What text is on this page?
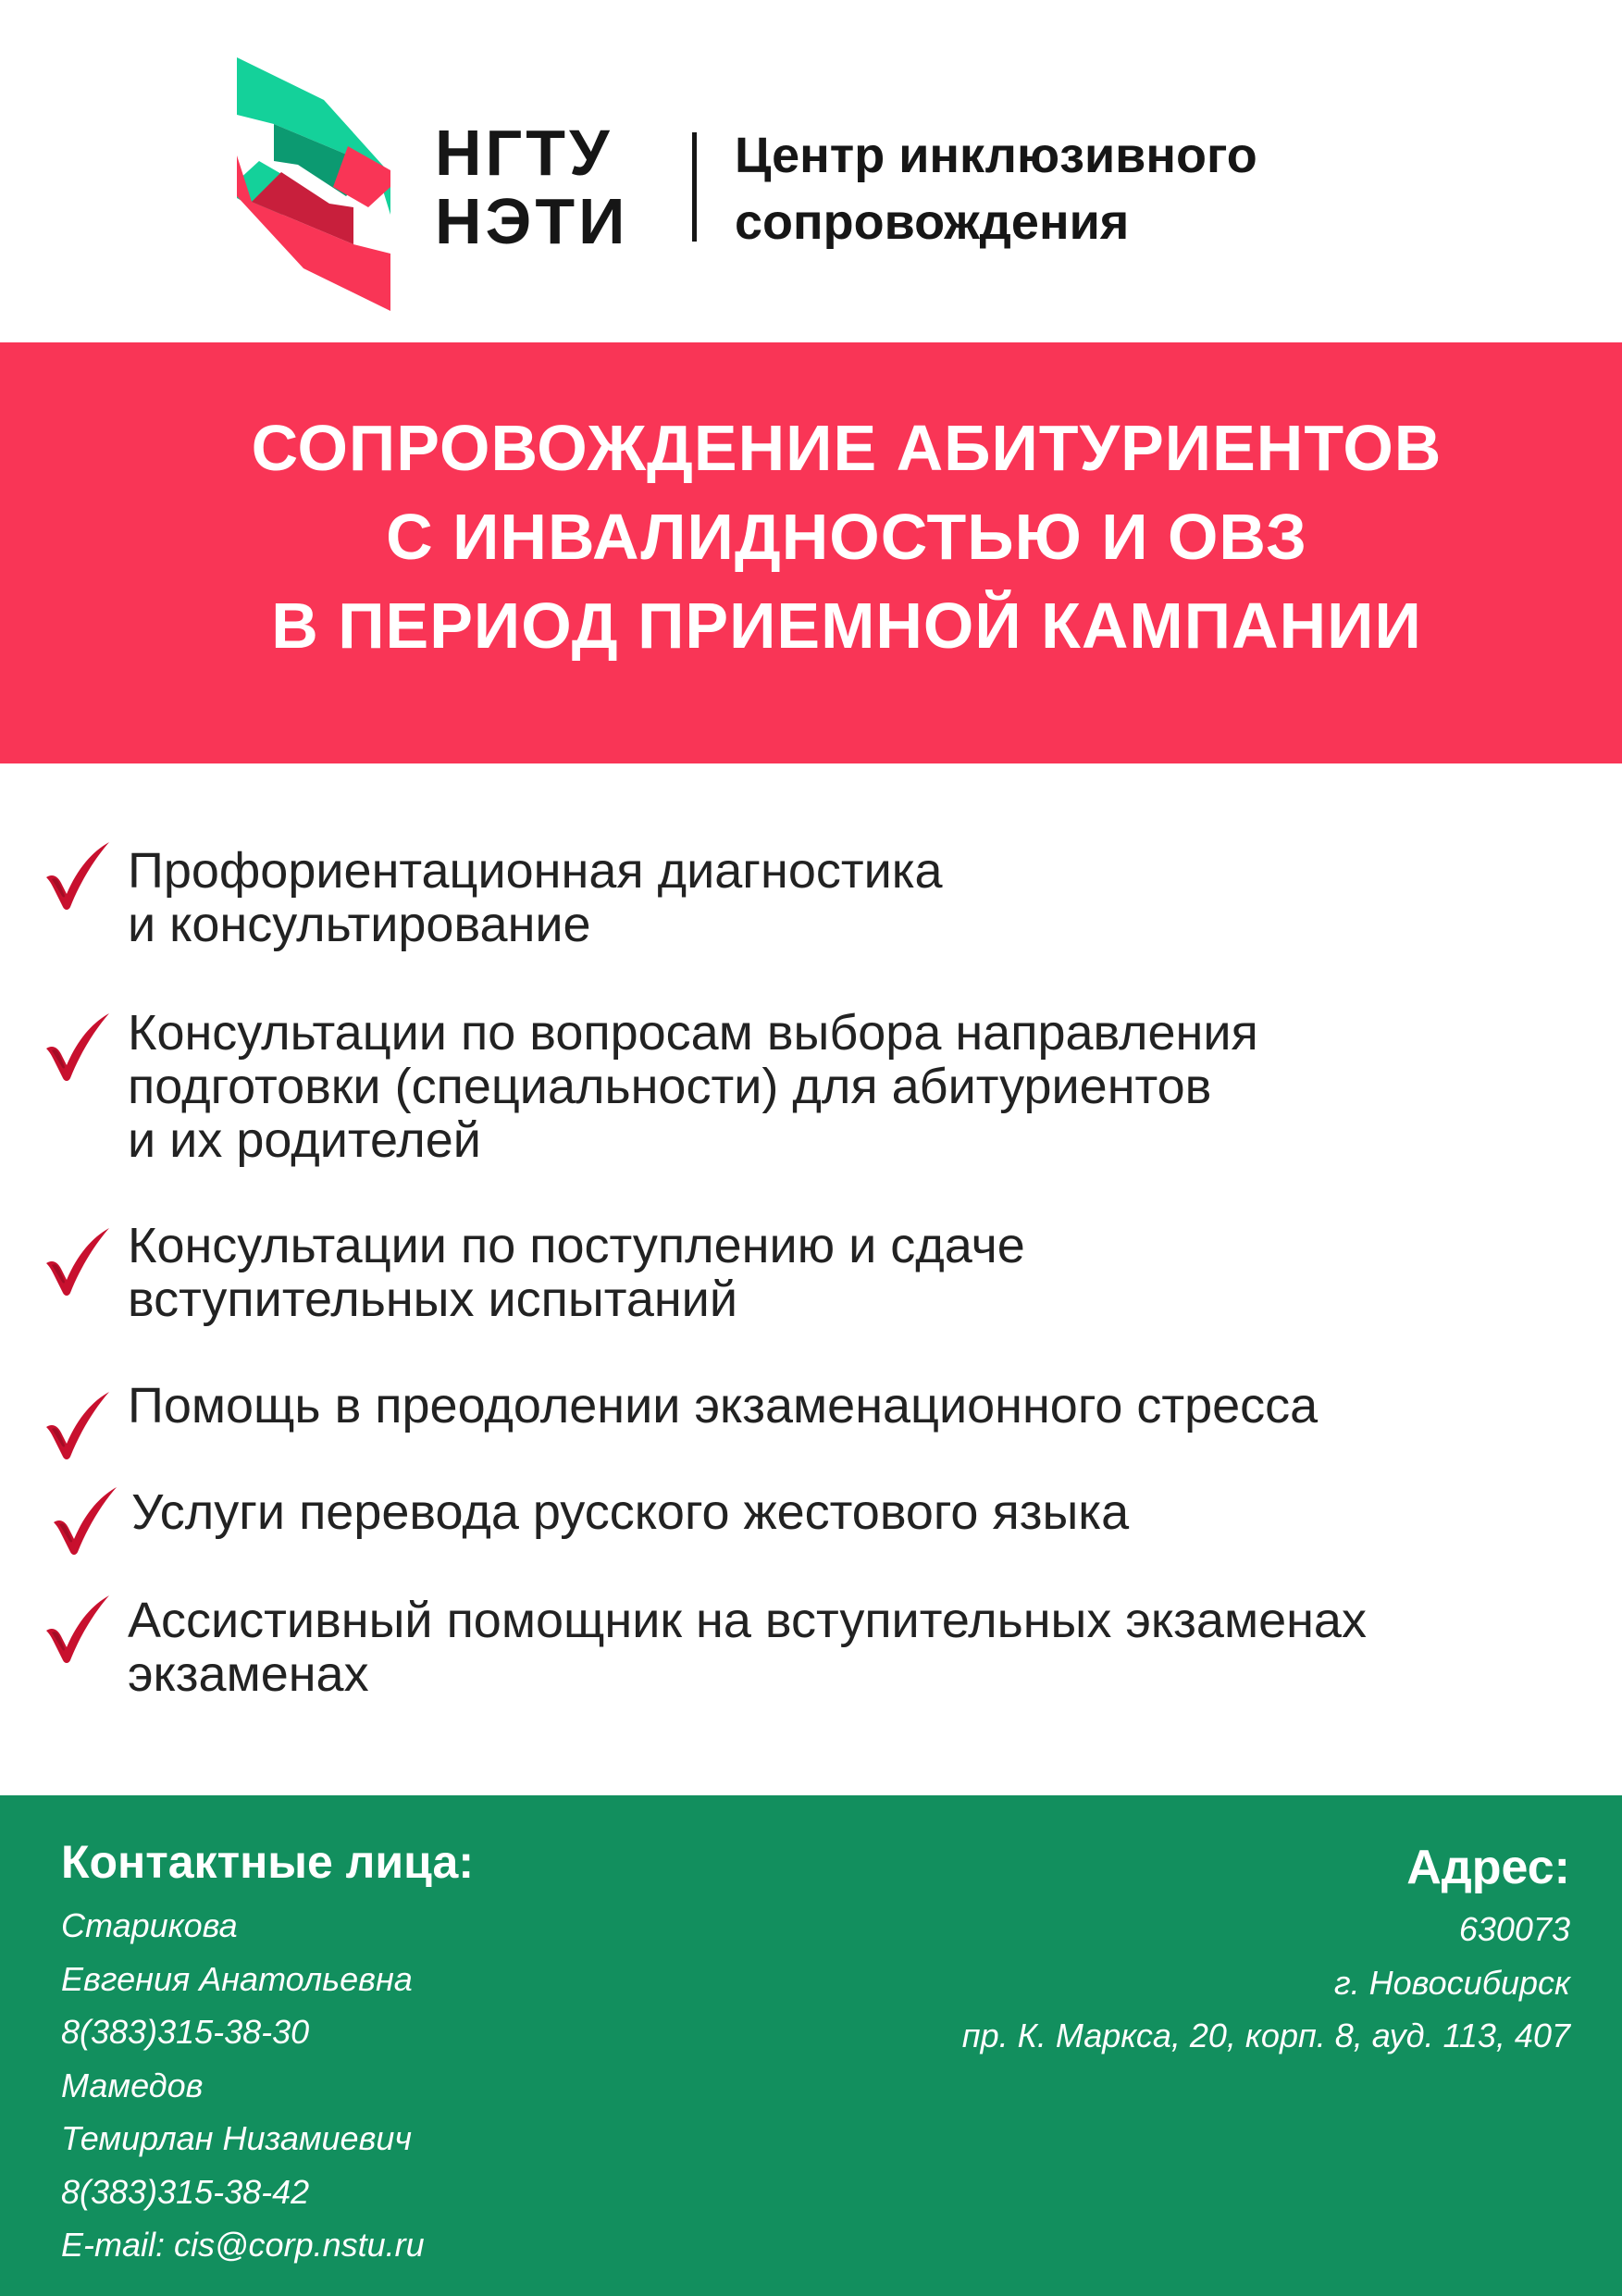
НГТУ
НЭТИ
Центр инклюзивного
сопровождения
СОПРОВОЖДЕНИЕ АБИТУРИЕНТОВ
С ИНВАЛИДНОСТЬЮ И ОВЗ
В ПЕРИОД ПРИЕМНОЙ КАМПАНИИ
Профориентационная диагностика
и консультирование
Консультации по вопросам выбора направления
подготовки (специальности) для абитуриентов
и их родителей
Консультации по поступлению и сдаче
вступительных испытаний
Помощь в преодолении экзаменационного стресса
Услуги перевода русского жестового языка
Ассистивный помощник на вступительных экзаменах
экзаменах
Контактные лица:
Старикова
Евгения Анатольевна
8(383)315-38-30
Мамедов
Темирлан Низамиевич
8(383)315-38-42
E-mail: cis@corp.nstu.ru
Адрес:
630073
г. Новосибирск
пр. К. Маркса, 20, корп. 8, ауд. 113, 407
